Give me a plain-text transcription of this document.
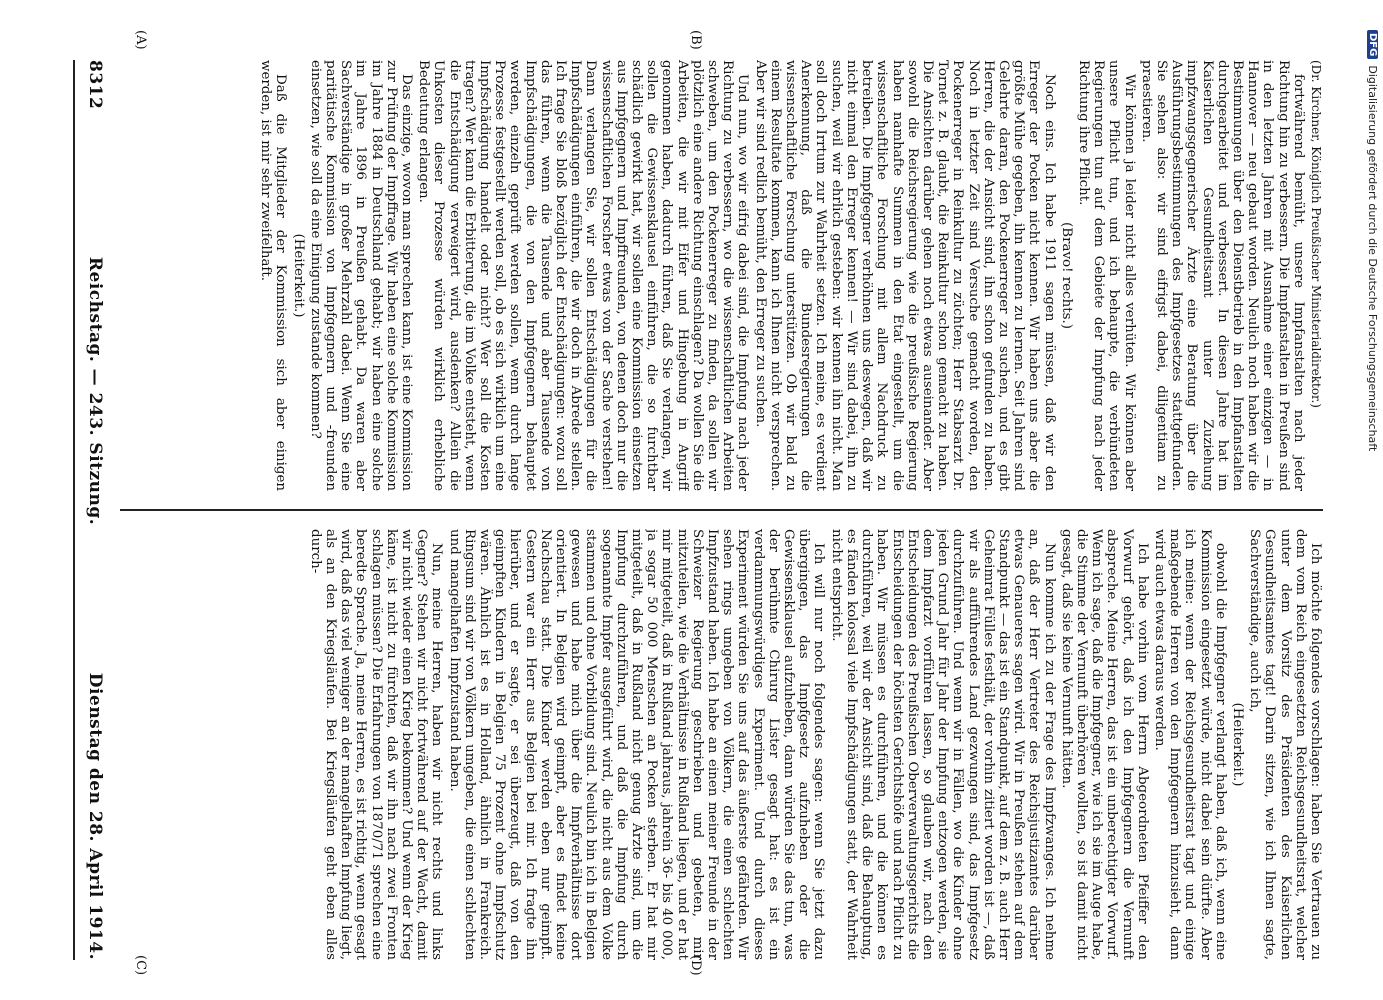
8312
Reichstag. — 243. Sitzung.
Dienstag den 28. April 1914.
(A)	(B)
(C)	(D)
(Dr. Kirchner, Königlich Preußischer Ministerialdirektor.)

fortwährend bemüht, unsere Impfanstalten nach jeder Richtung hin zu verbessern. Die Impfanstalten in Preußen sind in den letzten Jahren mit Ausnahme einer einzigen — in Hannover — neu gebaut worden. Neulich noch haben wir die Bestimmungen über den Dienstbetrieb in den Impfanstalten durchgearbeitet und verbessert. In diesen Jahre hat im Kaiserlichen Gesundheitsamt unter Zuziehung impfzwangsgegnerischer Ärzte eine Beratung über die Ausführungsbestimmungen des Impfgesetzes stattgefunden. Sie sehen also: wir sind eifrigst dabei, diligentiam zu praestieren.

Wir können ja leider nicht alles verhüten. Wir können aber unsere Pflicht tun, und ich behaupte, die verbündeten Regierungen tun auf dem Gebiete der Impfung nach jeder Richtung ihre Pflicht.

(Bravo! rechts.)

Noch eins. Ich habe 1911 sagen müssen, daß wir den Erreger der Pocken nicht kennen. Wir haben uns aber die größte Mühe gegeben, ihn kennen zu lernen. Seit Jahren sind Gelehrte daran, den Pockenerreger zu suchen, und es gibt Herren, die der Ansicht sind, ihn schon gefunden zu haben. Noch in letzter Zeit sind Versuche gemacht worden, den Pockenerreger in Reinkultur zu züchten; Herr Stabsarzt Dr. Tornet z. B. glaubt, die Reinkultur schon gemacht zu haben. Die Ansichten darüber gehen noch etwas auseinander. Aber sowohl die Reichsregierung wie die preußische Regierung haben namhafte Summen in den Etat eingestellt, um die wissenschaftliche Forschung mit allem Nachdruck zu betreiben. Die Impfgegner verhöhnen uns deswegen, daß wir nicht einmal den Erreger kennen! — Wir sind dabei, ihn zu suchen, weil wir ehrlich gesteben: wir kennen ihn nicht. Man soll doch Irrtum zur Wahrheit setzen. Ich meine, es verdient Anerkennung, daß die Bundesregierungen die wissenschaftliche Forschung unterstützen. Ob wir bald zu einem Resultate kommen, kann ich Ihnen nicht versprechen. Aber wir sind redlich bemüht, den Erreger zu suchen.

Und nun, wo wir eifrig dabei sind, die Impfung nach jeder Richtung zu verbessern, wo die wissenschaftlichen Arbeiten schweben, um den Pockenerreger zu finden, da sollen wir plötzlich eine andere Richtung einschlagen? Da wollen Sie die Arbeiten, die wir mit Eifer und Hingebung in Angriff genommen haben, dadurch führen, daß Sie verlangen, wir sollen die Gewissensklausel einführen, die so furchtbar schädlich gewirkt hat, wir sollen eine Kommission einsetzen aus Impfgegnern und Impffreunden, von denen doch nur die wissenschaftlichen Forscher etwas von der Sache verstehen! Dann verlangen Sie, wir sollen Entschädigungen für die Impfschädigungen einführen, die wir doch in Abrede stellen. Ich frage Sie bloß bezüglich der Entschädigungen: wozu soll das führen, wenn die Tausende und aber Tausende von Impfschädigungen, die von den Impfgegnern behauptet werden, einzeln geprüft werden sollen, wenn durch lange Prozesse festgestellt werden soll, ob es sich wirklich um eine Impfschädigung handelt oder nicht? Wer soll die Kosten tragen? Wer kann die Erbitterung, die im Volke entsteht, wenn die Entschädigung verweigert wird, ausdenken? Allein die Unkosten dieser Prozesse würden wirklich erhebliche Bedeutung erlangen.

Das einzige, wovon man sprechen kann, ist eine Kommission zur Prüfung der Impffrage. Wir haben eine solche Kommission im Jahre 1884 in Deutschland gehabt; wir haben eine solche im Jahre 1896 in Preußen gehabt. Da waren aber Sachverständige in großer Mehrzahl dabei. Wenn Sie eine paritätische Kommission von Impfgegnern und -freunden einsetzen, wie soll da eine Einigung zustande kommen?

(Heiterkeit.)

Daß die Mitglieder der Kommission sich aber einigen werden, ist mir sehr zweifelhaft.

Ich möchte folgendes vorschlagen: haben Sie Vertrauen zu dem vom Reich eingesetzten Reichsgesundheitsrat, welcher unter dem Vorsitz des Präsidenten des Kaiserlichen Gesundheitsamtes tagt! Darin sitzen, wie ich Ihnen sagte, Sachverständige, auch ich,

(Heiterkeit.)

obwohl die Impfgegner verlangt haben, daß ich, wenn eine Kommission eingesetzt würde, nicht dabei sein dürfte. Aber ich meine: wenn der Reichsgesundheitsrat tagt und einige maßgebende Herren von den Impfgegnern hinzusieht, dann wird auch etwas daraus werden.

Ich habe vorhin vom Herrn Abgeordneten Pfeiffer den Vorwurf gehört, daß ich den Impfgegnern die Vernunft abspreche. Meine Herren, das ist ein unberechtigter Vorwurf. Wenn ich sage, daß die Impfgegner, wie ich sie im Auge habe, die Stimme der Vernunft überhören wollten, so ist damit nicht gesagt, daß sie keine Vernunft hätten.

Nun komme ich zu der Frage des Impfzwanges. Ich nehme an, daß der Herr Vertreter des Reichsjustizamtes darüber etwas Genaueres sagen wird. Wir in Preußen stehen auf dem Standpunkt — das ist ein Standpunkt, auf dem z. B. auch Herr Geheimrat Fülles festhält, der vorhin zitiert worden ist —, daß wir als aufführendes Land gezwungen sind, das Impfgesetz durchzuführen. Und wenn wir in Fällen, wo die Kinder ohne jeden Grund Jahr für Jahr der Impfung entzogen werden, sie dem Impfarzt vorführen lassen, so glauben wir, nach den Entscheidungen des Preußischen Oberverwaltungsgerichts die Entscheidungen der höchsten Gerichtshöfe und nach Pflicht zu haben. Wir müssen es durchführen, und die können es durchführen, weil wir der Ansicht sind, daß die Behauptung, es fänden kolossal viele Impfschädigungen statt, der Wahrheit nicht entspricht.

Ich will nur noch folgendes sagen: wenn Sie jetzt dazu übergingen, das Impfgesetz aufzuheben oder die Gewissensklausel aufzuheben, dann würden Sie das tun, was der berühmte Chirurg Lister gesagt hat: es ist ein verdammungswürdiges Experiment. Und durch dieses Experiment würden Sie uns auf das äußerste gefährden. Wir sehen rings umgeben von Völkern, die einen schlechten Impfzustand haben. Ich habe an einen meiner Freunde in der Schweizer Regierung geschrieben und gebeten, mir mitzuteilen, wie die Verhältnisse in Rußland liegen, und er hat mir mitgeteilt, daß in Rußland jahraus, jahrein 36- bis 40 000, ja sogar 50 000 Menschen an Pocken sterben. Er hat mir mitgeteilt, daß in Rußland nicht genug Ärzte sind, um die Impfung durchzuführen, und daß die Impfung durch sogenannte Impfer ausgeführt wird, die nicht aus dem Volke stammen und ohne Vorbildung sind. Neulich bin ich in Belgien gewesen und habe mich über die Impfverhältnisse dort orientiert. In Belgien wird geimpft, aber es findet keine Nachschau statt. Die Kinder werden eben nur geimpft. Gestern war ein Herr aus Belgien bei mir. Ich fragte ihn hierüber, und er sagte, er sei überzeugt, daß von den geimpften Kindern in Belgien 75 Prozent ohne Impfschutz wären. Ähnlich ist es in Holland, ähnlich in Frankreich. Ringsum sind wir von Völkern umgeben, die einen schlechten und mangelhaften Impfzustand haben.

Nun, meine Herren, haben wir nicht rechts und links Gegner? Stehen wir nicht fortwährend auf der Wacht, damit wir nicht wieder einen Krieg bekommen? Und wenn der Krieg käme, ist nicht zu fürchten, daß wir ihn nach zwei Fronten schlagen müssen? Die Erfahrungen von 1870/71 sprechen eine beredte Sprache. Ja, meine Herren, es ist richtig, wenn gesagt wird, daß das viel weniger an der mangelhaften Impfung liegt, als an den Kriegsläufen. Bei Kriegsläufen geht eben alles durch-

DFG
Digitalisierung gefördert durch die Deutsche Forschungsgemeinschaft
